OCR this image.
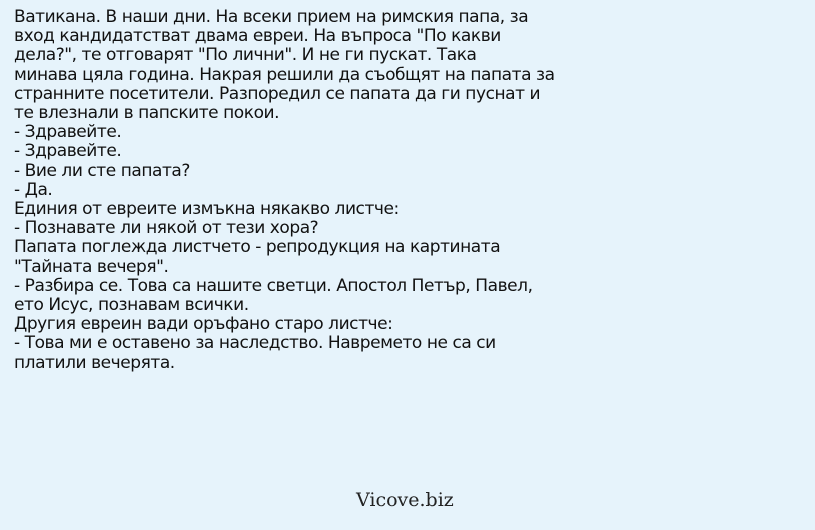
Ватикана. В наши дни. На всеки прием на римския папа, за
вход кандидатстват двама евреи. На въпроса "По какви
дела?", те отговарят "По лични". И не ги пускат. Така
минава цяла година. Накрая решили да съобщят на папата за
странните посетители. Разпоредил се папата да ги пуснат и
те влезнали в папските покои.
- Здравейте.
- Здравейте.
- Вие ли сте папата?
- Да.
Единия от евреите измъкна някакво листче:
- Познавате ли някой от тези хора?
Папата поглежда листчето - репродукция на картината
"Тайната вечеря".
- Разбира се. Това са нашите светци. Апостол Петър, Павел,
ето Исус, познавам всички.
Другия евреин вади оръфано старо листче:
- Това ми е оставено за наследство. Навремето не са си
платили вечерята.

Vicove.biz
